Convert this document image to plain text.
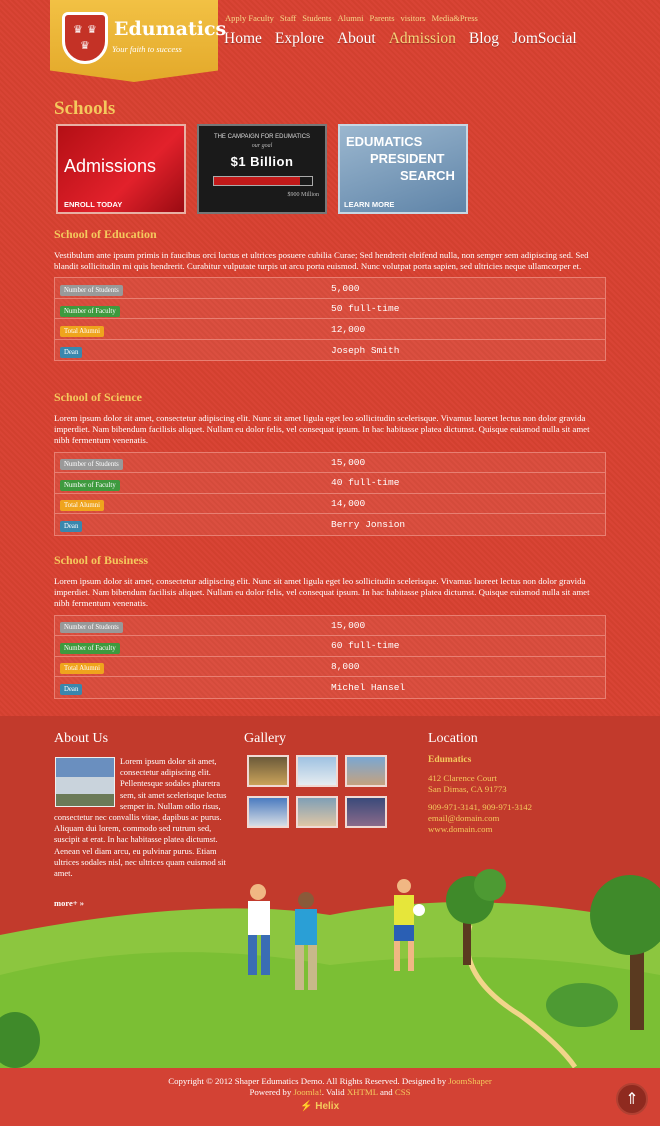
♛ ♛
♛
Edumatics
Your faith to success
Apply Faculty Staff Students Alumni Parents visitors Media&Press
Home Explore About Admission Blog JomSocial
Schools
Admissions
ENROLL TODAY
THE CAMPAIGN FOR EDUMATICS
our goal
$1 Billion
$900 Million
EDUMATICS
PRESIDENT
SEARCH
LEARN MORE
School of Education

Vestibulum ante ipsum primis in faucibus orci luctus et ultrices posuere cubilia Curae; Sed hendrerit eleifend nulla, non semper sem adipiscing sed. Sed blandit sollicitudin mi quis hendrerit. Curabitur vulputate turpis ut arcu porta euismod. Nunc volutpat porta sapien, sed ultricies neque ullamcorper et.

Number of Students	5,000
Number of Faculty	50 full-time
Total Alumni	12,000
Dean	Joseph Smith
School of Science

Lorem ipsum dolor sit amet, consectetur adipiscing elit. Nunc sit amet ligula eget leo sollicitudin scelerisque. Vivamus laoreet lectus non dolor gravida imperdiet. Nam bibendum facilisis aliquet. Nullam eu dolor felis, vel consequat ipsum. In hac habitasse platea dictumst. Quisque euismod nulla sit amet nibh fermentum venenatis.

Number of Students	15,000
Number of Faculty	40 full-time
Total Alumni	14,000
Dean	Berry Jonsion
School of Business

Lorem ipsum dolor sit amet, consectetur adipiscing elit. Nunc sit amet ligula eget leo sollicitudin scelerisque. Vivamus laoreet lectus non dolor gravida imperdiet. Nam bibendum facilisis aliquet. Nullam eu dolor felis, vel consequat ipsum. In hac habitasse platea dictumst. Quisque euismod nulla sit amet nibh fermentum venenatis.

Number of Students	15,000
Number of Faculty	60 full-time
Total Alumni	8,000
Dean	Michel Hansel
About Us	Gallery	Location
Lorem ipsum dolor sit amet, consectetur adipiscing elit. Pellentesque sodales pharetra sem, sit amet scelerisque lectus semper in. Nullam odio risus, consectetur nec convallis vitae, dapibus ac purus. Aliquam dui lorem, commodo sed rutrum sed, suscipit at erat. In hac habitasse platea dictumst. Aenean vel diam arcu, eu pulvinar purus. Etiam ultrices sodales nisl, nec ultrices quam euismod sit amet.
more+ »
Edumatics
412 Clarence Court
San Dimas, CA 91773
909-971-3141, 909-971-3142
email@domain.com
www.domain.com
Copyright © 2012 Shaper Edumatics Demo. All Rights Reserved. Designed by JoomShaper
Powered by Joomla!. Valid XHTML and CSS
⚡ Helix	⇑
